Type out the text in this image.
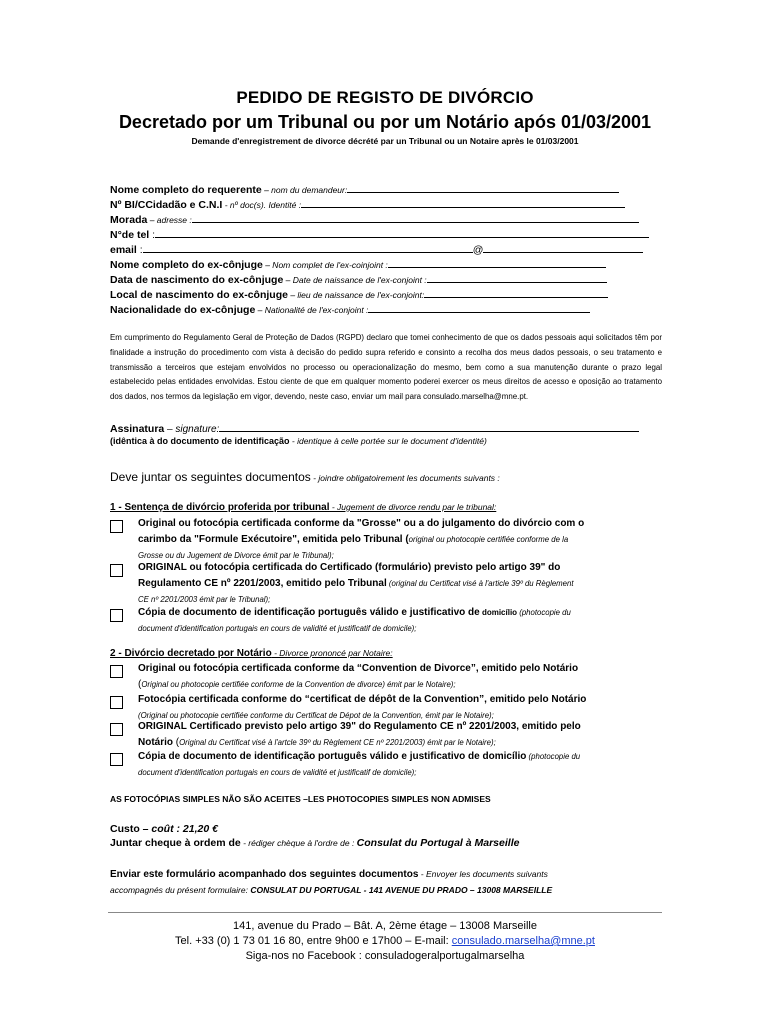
PEDIDO DE REGISTO DE DIVÓRCIO
Decretado por um Tribunal ou por um Notário após 01/03/2001
Demande d'enregistrement de divorce décrété par un Tribunal ou un Notaire après le 01/03/2001
Nome completo do requerente – nom du demandeur:
Nº BI/CCidadão e C.N.I - nº doc(s). Identité :
Morada – adresse :
N°de tel :
email :	@
Nome completo do ex-cônjuge – Nom complet de l'ex-coinjoint :
Data de nascimento do ex-cônjuge – Date de naissance de l'ex-conjoint :
Local de nascimento do ex-cônjuge – lieu de naissance de l'ex-conjoint:
Nacionalidade do ex-cônjuge – Nationalité de l'ex-conjoint :
Em cumprimento do Regulamento Geral de Proteção de Dados (RGPD) declaro que tomei conhecimento de que os dados pessoais aqui solicitados têm por finalidade a instrução do procedimento com vista à decisão do pedido supra referido e consinto a recolha dos meus dados pessoais, o seu tratamento e transmissão a terceiros que estejam envolvidos no processo ou operacionalização do mesmo, bem como a sua manutenção durante o prazo legal estabelecido pelas entidades envolvidas. Estou ciente de que em qualquer momento poderei exercer os meus direitos de acesso e oposição ao tratamento dos dados, nos termos da legislação em vigor, devendo, neste caso, enviar um mail para consulado.marselha@mne.pt.
Assinatura – signature:
(idêntica à do documento de identificação - identique à celle portée sur le document d'identité)
Deve juntar os seguintes documentos - joindre obligatoirement les documents suivants :
1 - Sentença de divórcio proferida por tribunal - Jugement de divorce rendu par le tribunal:
Original ou fotocópia certificada conforme da "Grosse" ou a do julgamento do divórcio com o
carimbo da "Formule Exécutoire", emitida pelo Tribunal (original ou photocopie certifiée conforme de la
Grosse ou du Jugement de Divorce émit par le Tribunal);
ORIGINAL ou fotocópia certificada do Certificado (formulário) previsto pelo artigo 39" do
Regulamento CE nº 2201/2003, emitido pelo Tribunal (original du Certificat visé à l'article 39º du Règlement
CE nº 2201/2003 émit par le Tribunal);
Cópia de documento de identificação português válido e justificativo de domicílio (photocopie du
document d'identification portugais en cours de validité et justificatif de domicile);
2 - Divórcio decretado por Notário - Divorce prononcé par Notaire:
Original ou fotocópia certificada conforme da “Convention de Divorce”, emitido pelo Notário
(Original ou photocopie certifiée conforme de la Convention de divorce) émit par le Notaire);
Fotocópia certificada conforme do “certificat de dépôt de la Convention”, emitido pelo Notário
(Original ou photocopie certifiée conforme du Certificat de Dépot de la Convention, émit par le Notaire);
ORIGINAL Certificado previsto pelo artigo 39" do Regulamento CE nº 2201/2003, emitido pelo
Notário (Original du Certificat visé à l'artcle 39º du Règlement CE nº 2201/2003) émit par le Notaire);
Cópia de documento de identificação português válido e justificativo de domicílio (photocopie du
document d'identification portugais en cours de validité et justificatif de domicile);
AS FOTOCÓPIAS SIMPLES NÃO SÃO ACEITES –LES PHOTOCOPIES SIMPLES NON ADMISES
Custo – coût : 21,20 €
Juntar cheque à ordem de - rédiger chèque à l'ordre de : Consulat du Portugal à Marseille
Enviar este formulário acompanhado dos seguintes documentos - Envoyer les documents suivants
accompagnés du présent formulaire: CONSULAT DU PORTUGAL - 141 AVENUE DU PRADO – 13008 MARSEILLE
141, avenue du Prado – Bât. A, 2ème étage – 13008 Marseille
Tel. +33 (0) 1 73 01 16 80, entre 9h00 e 17h00 – E-mail: consulado.marselha@mne.pt
Siga-nos no Facebook : consuladogeralportugalmarselha
